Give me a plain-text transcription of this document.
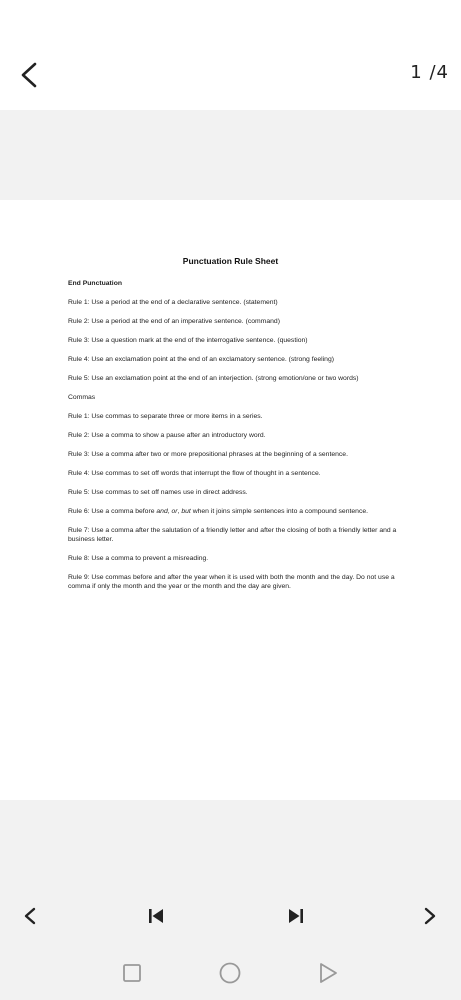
1 /4
Punctuation Rule Sheet
End Punctuation
Rule 1: Use a period at the end of a declarative sentence. (statement)
Rule 2: Use a period at the end of an imperative sentence. (command)
Rule 3: Use a question mark at the end of the interrogative sentence. (question)
Rule 4: Use an exclamation point at the end of an exclamatory sentence. (strong feeling)
Rule 5: Use an exclamation point at the end of an interjection. (strong emotion/one or two words)
Commas
Rule 1: Use commas to separate three or more items in a series.
Rule 2: Use a comma to show a pause after an introductory word.
Rule 3: Use a comma after two or more prepositional phrases at the beginning of a sentence.
Rule 4: Use commas to set off words that interrupt the flow of thought in a sentence.
Rule 5: Use commas to set off names use in direct address.
Rule 6: Use a comma before and, or, but when it joins simple sentences into a compound sentence.
Rule 7: Use a comma after the salutation of a friendly letter and after the closing of both a friendly letter and a business letter.
Rule 8: Use a comma to prevent a misreading.
Rule 9: Use commas before and after the year when it is used with both the month and the day. Do not use a comma if only the month and the year or the month and the day are given.
